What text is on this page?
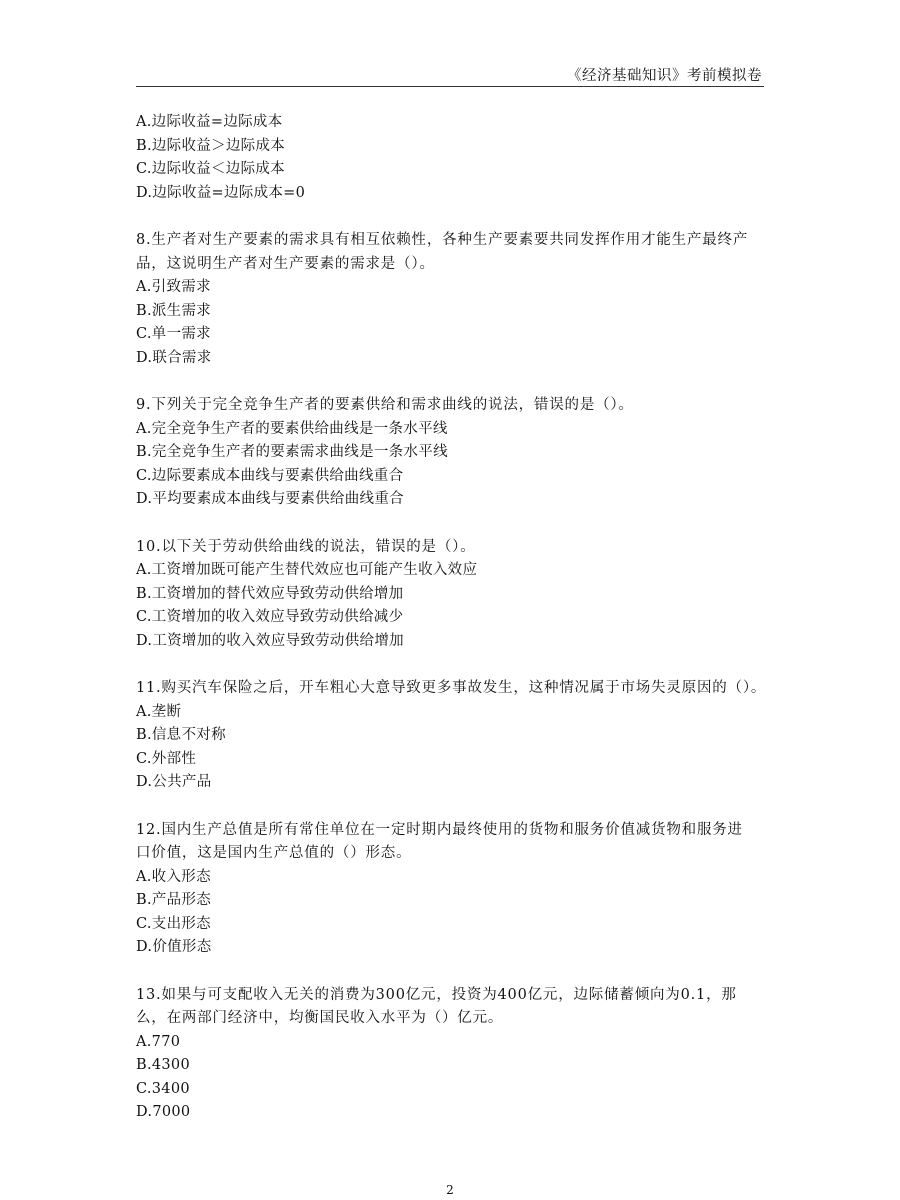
《经济基础知识》考前模拟卷
A.边际收益=边际成本
B.边际收益＞边际成本
C.边际收益＜边际成本
D.边际收益=边际成本=0
8.生产者对生产要素的需求具有相互依赖性，各种生产要素要共同发挥作用才能生产最终产
品，这说明生产者对生产要素的需求是（）。
A.引致需求
B.派生需求
C.单一需求
D.联合需求
9.下列关于完全竞争生产者的要素供给和需求曲线的说法，错误的是（）。
A.完全竞争生产者的要素供给曲线是一条水平线
B.完全竞争生产者的要素需求曲线是一条水平线
C.边际要素成本曲线与要素供给曲线重合
D.平均要素成本曲线与要素供给曲线重合
10.以下关于劳动供给曲线的说法，错误的是（）。
A.工资增加既可能产生替代效应也可能产生收入效应
B.工资增加的替代效应导致劳动供给增加
C.工资增加的收入效应导致劳动供给减少
D.工资增加的收入效应导致劳动供给增加
11.购买汽车保险之后，开车粗心大意导致更多事故发生，这种情况属于市场失灵原因的（）。
A.垄断
B.信息不对称
C.外部性
D.公共产品
12.国内生产总值是所有常住单位在一定时期内最终使用的货物和服务价值减货物和服务进
口价值，这是国内生产总值的（）形态。
A.收入形态
B.产品形态
C.支出形态
D.价值形态
13.如果与可支配收入无关的消费为300亿元，投资为400亿元，边际储蓄倾向为0.1，那
么，在两部门经济中，均衡国民收入水平为（）亿元。
A.770
B.4300
C.3400
D.7000
2
